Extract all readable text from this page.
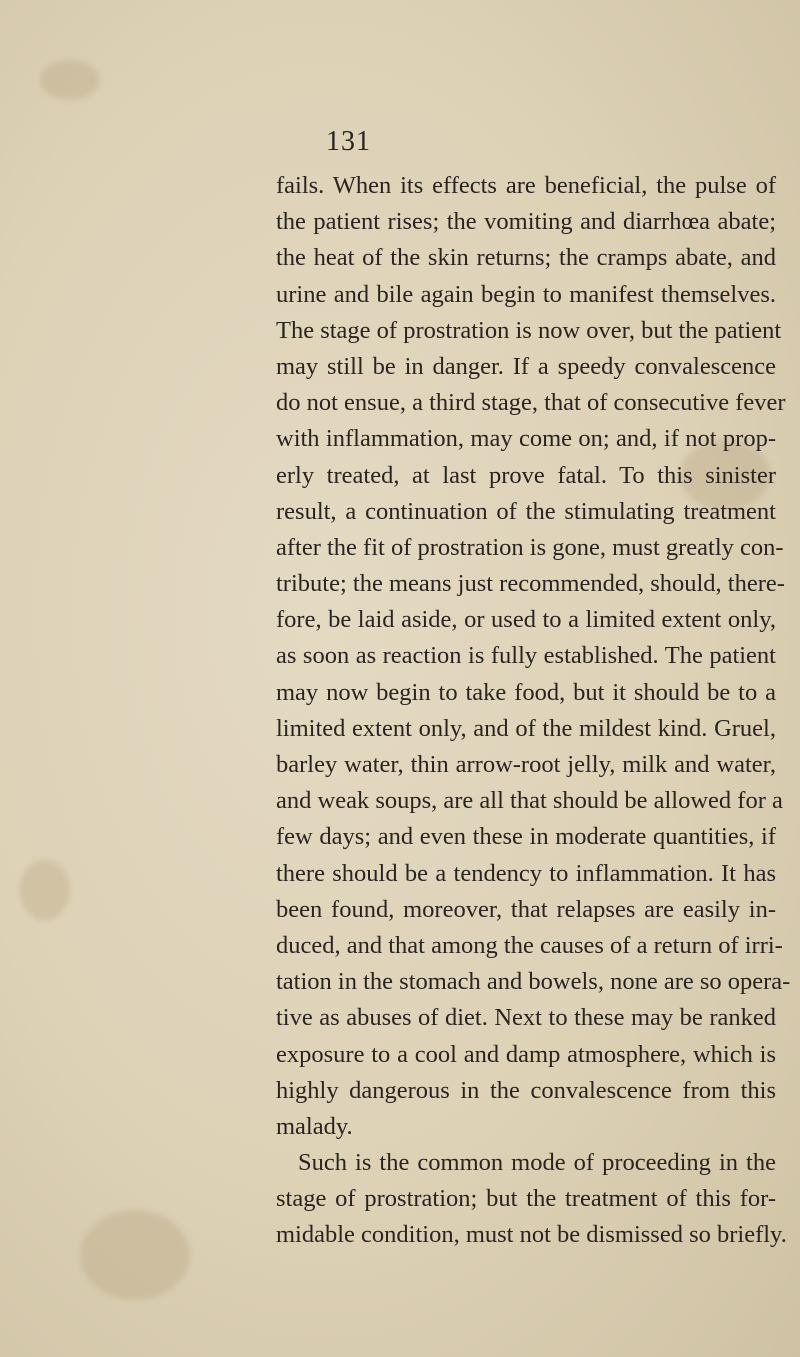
131
fails. When its effects are beneficial, the pulse of
the patient rises; the vomiting and diarrhœa abate;
the heat of the skin returns; the cramps abate, and
urine and bile again begin to manifest themselves.
The stage of prostration is now over, but the patient
may still be in danger. If a speedy convalescence
do not ensue, a third stage, that of consecutive fever
with inflammation, may come on; and, if not prop-
erly treated, at last prove fatal. To this sinister
result, a continuation of the stimulating treatment
after the fit of prostration is gone, must greatly con-
tribute; the means just recommended, should, there-
fore, be laid aside, or used to a limited extent only,
as soon as reaction is fully established. The patient
may now begin to take food, but it should be to a
limited extent only, and of the mildest kind. Gruel,
barley water, thin arrow-root jelly, milk and water,
and weak soups, are all that should be allowed for a
few days; and even these in moderate quantities, if
there should be a tendency to inflammation. It has
been found, moreover, that relapses are easily in-
duced, and that among the causes of a return of irri-
tation in the stomach and bowels, none are so opera-
tive as abuses of diet. Next to these may be ranked
exposure to a cool and damp atmosphere, which is
highly dangerous in the convalescence from this
malady.
Such is the common mode of proceeding in the
stage of prostration; but the treatment of this for-
midable condition, must not be dismissed so briefly.
